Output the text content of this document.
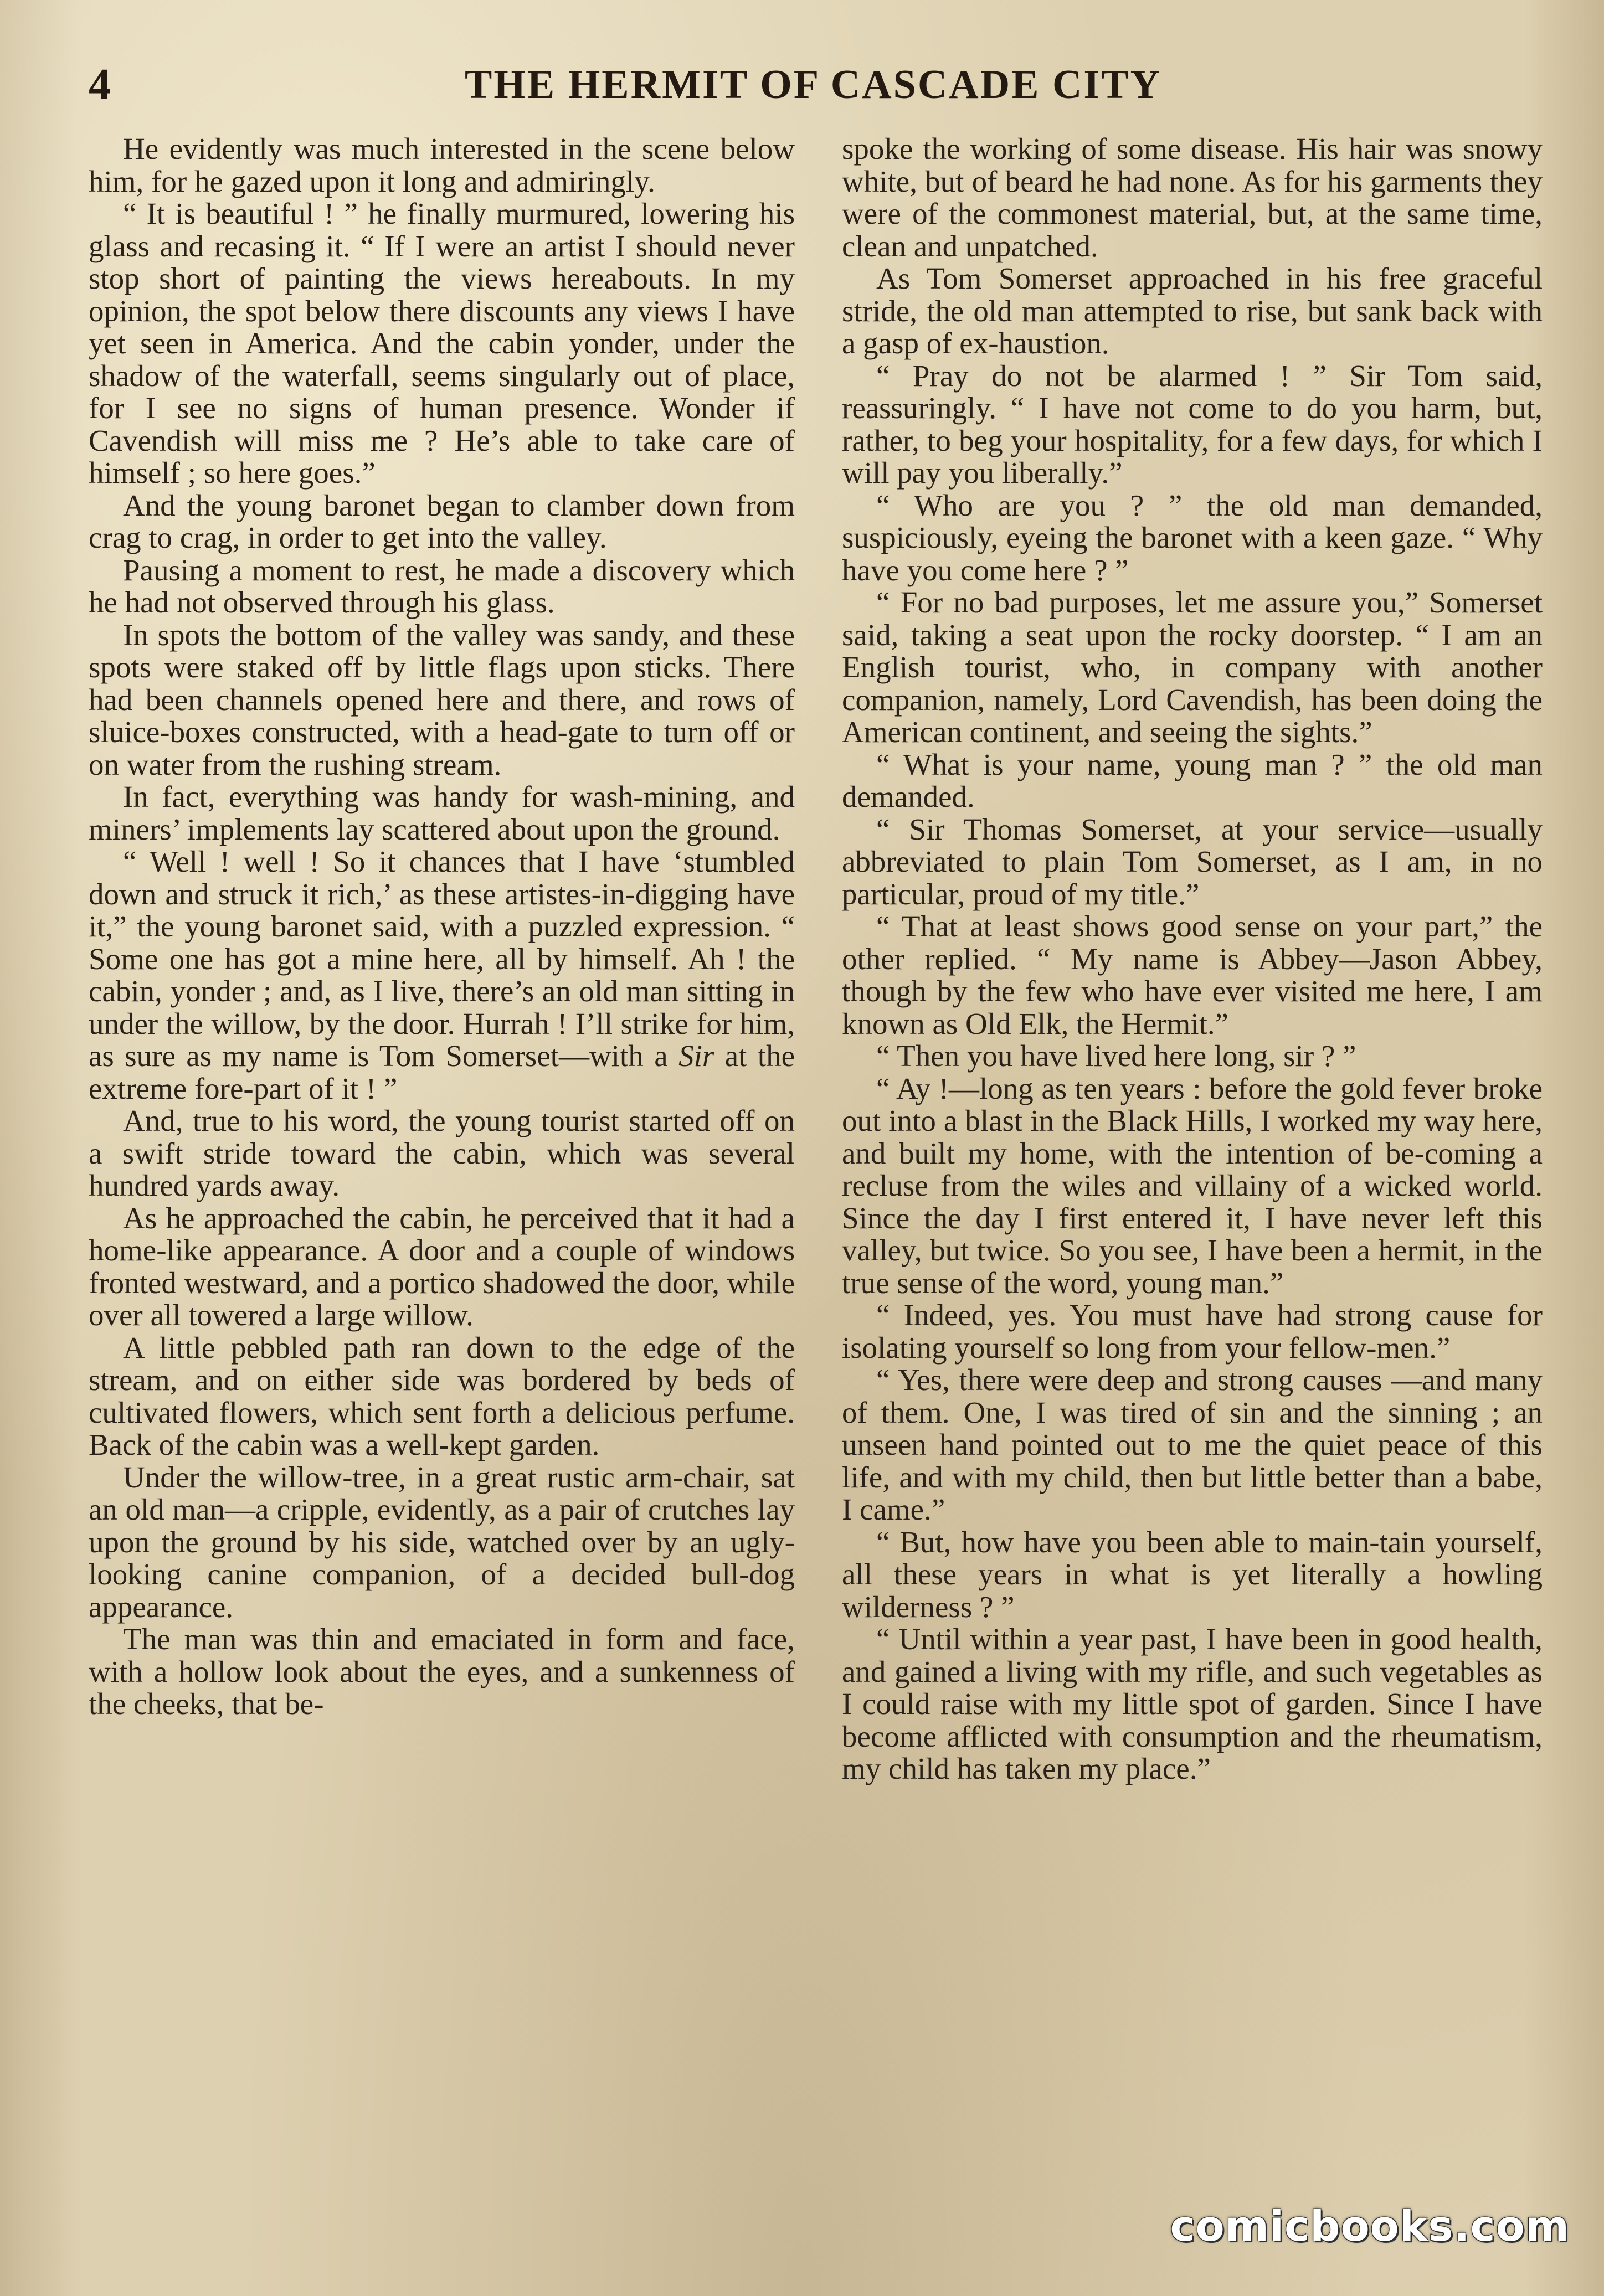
4	THE HERMIT OF CASCADE CITY

He evidently was much interested in the scene below him, for he gazed upon it long and admiringly.

“ It is beautiful ! ” he finally murmured, lowering his glass and recasing it. “ If I were an artist I should never stop short of painting the views hereabouts. In my opinion, the spot below there discounts any views I have yet seen in America. And the cabin yonder, under the shadow of the waterfall, seems singularly out of place, for I see no signs of human presence. Wonder if Cavendish will miss me ? He’s able to take care of himself ; so here goes.”

And the young baronet began to clamber down from crag to crag, in order to get into the valley.

Pausing a moment to rest, he made a discovery which he had not observed through his glass.

In spots the bottom of the valley was sandy, and these spots were staked off by little flags upon sticks. There had been channels opened here and there, and rows of sluice-boxes constructed, with a head-gate to turn off or on water from the rushing stream.

In fact, everything was handy for wash-mining, and miners’ implements lay scattered about upon the ground.

“ Well ! well ! So it chances that I have ‘stumbled down and struck it rich,’ as these artistes-in-digging have it,” the young baronet said, with a puzzled expression. “ Some one has got a mine here, all by himself. Ah ! the cabin, yonder ; and, as I live, there’s an old man sitting in under the willow, by the door. Hurrah ! I’ll strike for him, as sure as my name is Tom Somerset—with a Sir at the extreme fore-part of it ! ”

And, true to his word, the young tourist started off on a swift stride toward the cabin, which was several hundred yards away.

As he approached the cabin, he perceived that it had a home-like appearance. A door and a couple of windows fronted westward, and a portico shadowed the door, while over all towered a large willow.

A little pebbled path ran down to the edge of the stream, and on either side was bordered by beds of cultivated flowers, which sent forth a delicious perfume. Back of the cabin was a well-kept garden.

Under the willow-tree, in a great rustic arm-chair, sat an old man—a cripple, evidently, as a pair of crutches lay upon the ground by his side, watched over by an ugly-looking canine companion, of a decided bull-dog appearance.

The man was thin and emaciated in form and face, with a hollow look about the eyes, and a sunkenness of the cheeks, that be-

spoke the working of some disease. His hair was snowy white, but of beard he had none. As for his garments they were of the commonest material, but, at the same time, clean and unpatched.

As Tom Somerset approached in his free graceful stride, the old man attempted to rise, but sank back with a gasp of ex-haustion.

“ Pray do not be alarmed ! ” Sir Tom said, reassuringly. “ I have not come to do you harm, but, rather, to beg your hospitality, for a few days, for which I will pay you liberally.”

“ Who are you ? ” the old man demanded, suspiciously, eyeing the baronet with a keen gaze. “ Why have you come here ? ”

“ For no bad purposes, let me assure you,” Somerset said, taking a seat upon the rocky doorstep. “ I am an English tourist, who, in company with another companion, namely, Lord Cavendish, has been doing the American continent, and seeing the sights.”

“ What is your name, young man ? ” the old man demanded.

“ Sir Thomas Somerset, at your service—usually abbreviated to plain Tom Somerset, as I am, in no particular, proud of my title.”

“ That at least shows good sense on your part,” the other replied. “ My name is Abbey—Jason Abbey, though by the few who have ever visited me here, I am known as Old Elk, the Hermit.”

“ Then you have lived here long, sir ? ”

“ Ay !—long as ten years : before the gold fever broke out into a blast in the Black Hills, I worked my way here, and built my home, with the intention of be-coming a recluse from the wiles and villainy of a wicked world. Since the day I first entered it, I have never left this valley, but twice. So you see, I have been a hermit, in the true sense of the word, young man.”

“ Indeed, yes. You must have had strong cause for isolating yourself so long from your fellow-men.”

“ Yes, there were deep and strong causes —and many of them. One, I was tired of sin and the sinning ; an unseen hand pointed out to me the quiet peace of this life, and with my child, then but little better than a babe, I came.”

“ But, how have you been able to main-tain yourself, all these years in what is yet literally a howling wilderness ? ”

“ Until within a year past, I have been in good health, and gained a living with my rifle, and such vegetables as I could raise with my little spot of garden. Since I have become afflicted with consumption and the rheumatism, my child has taken my place.”

comicbooks.com
